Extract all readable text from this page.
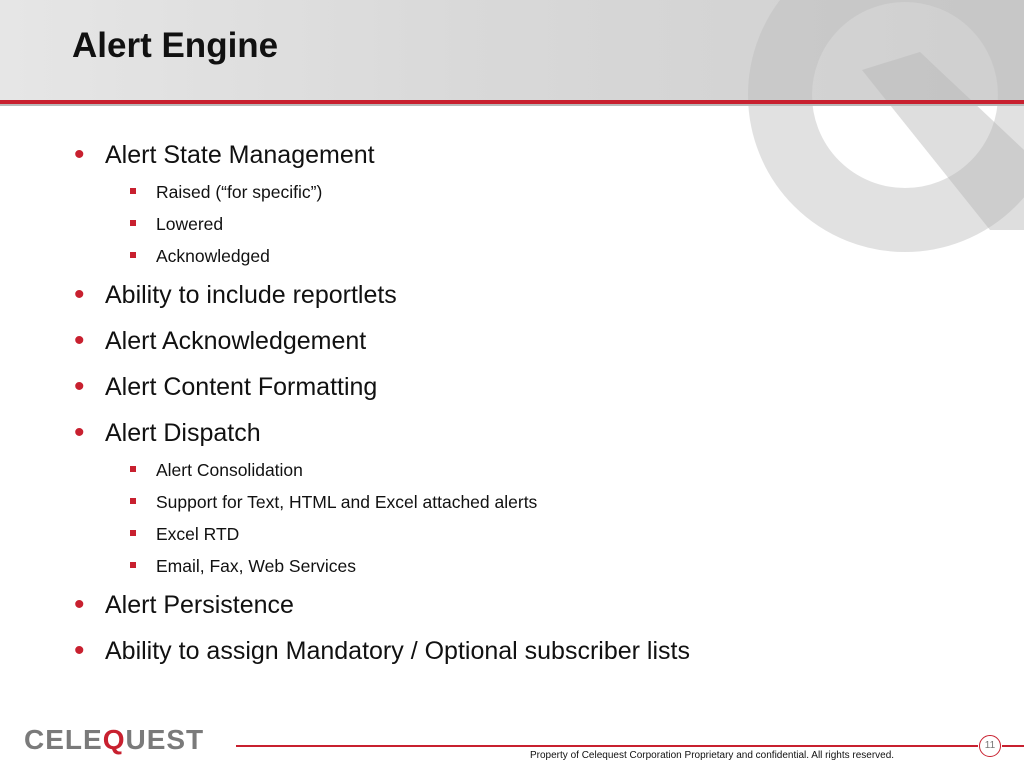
Alert Engine
• Alert State Management
Raised (“for specific”)
Lowered
Acknowledged
• Ability to include reportlets
• Alert Acknowledgement
• Alert Content Formatting
• Alert Dispatch
Alert Consolidation
Support for Text, HTML and Excel attached alerts
Excel RTD
Email, Fax, Web Services
• Alert Persistence
• Ability to assign Mandatory / Optional subscriber lists
CELE Q UEST
Property of Celequest Corporation Proprietary and confidential. All rights reserved.
11
